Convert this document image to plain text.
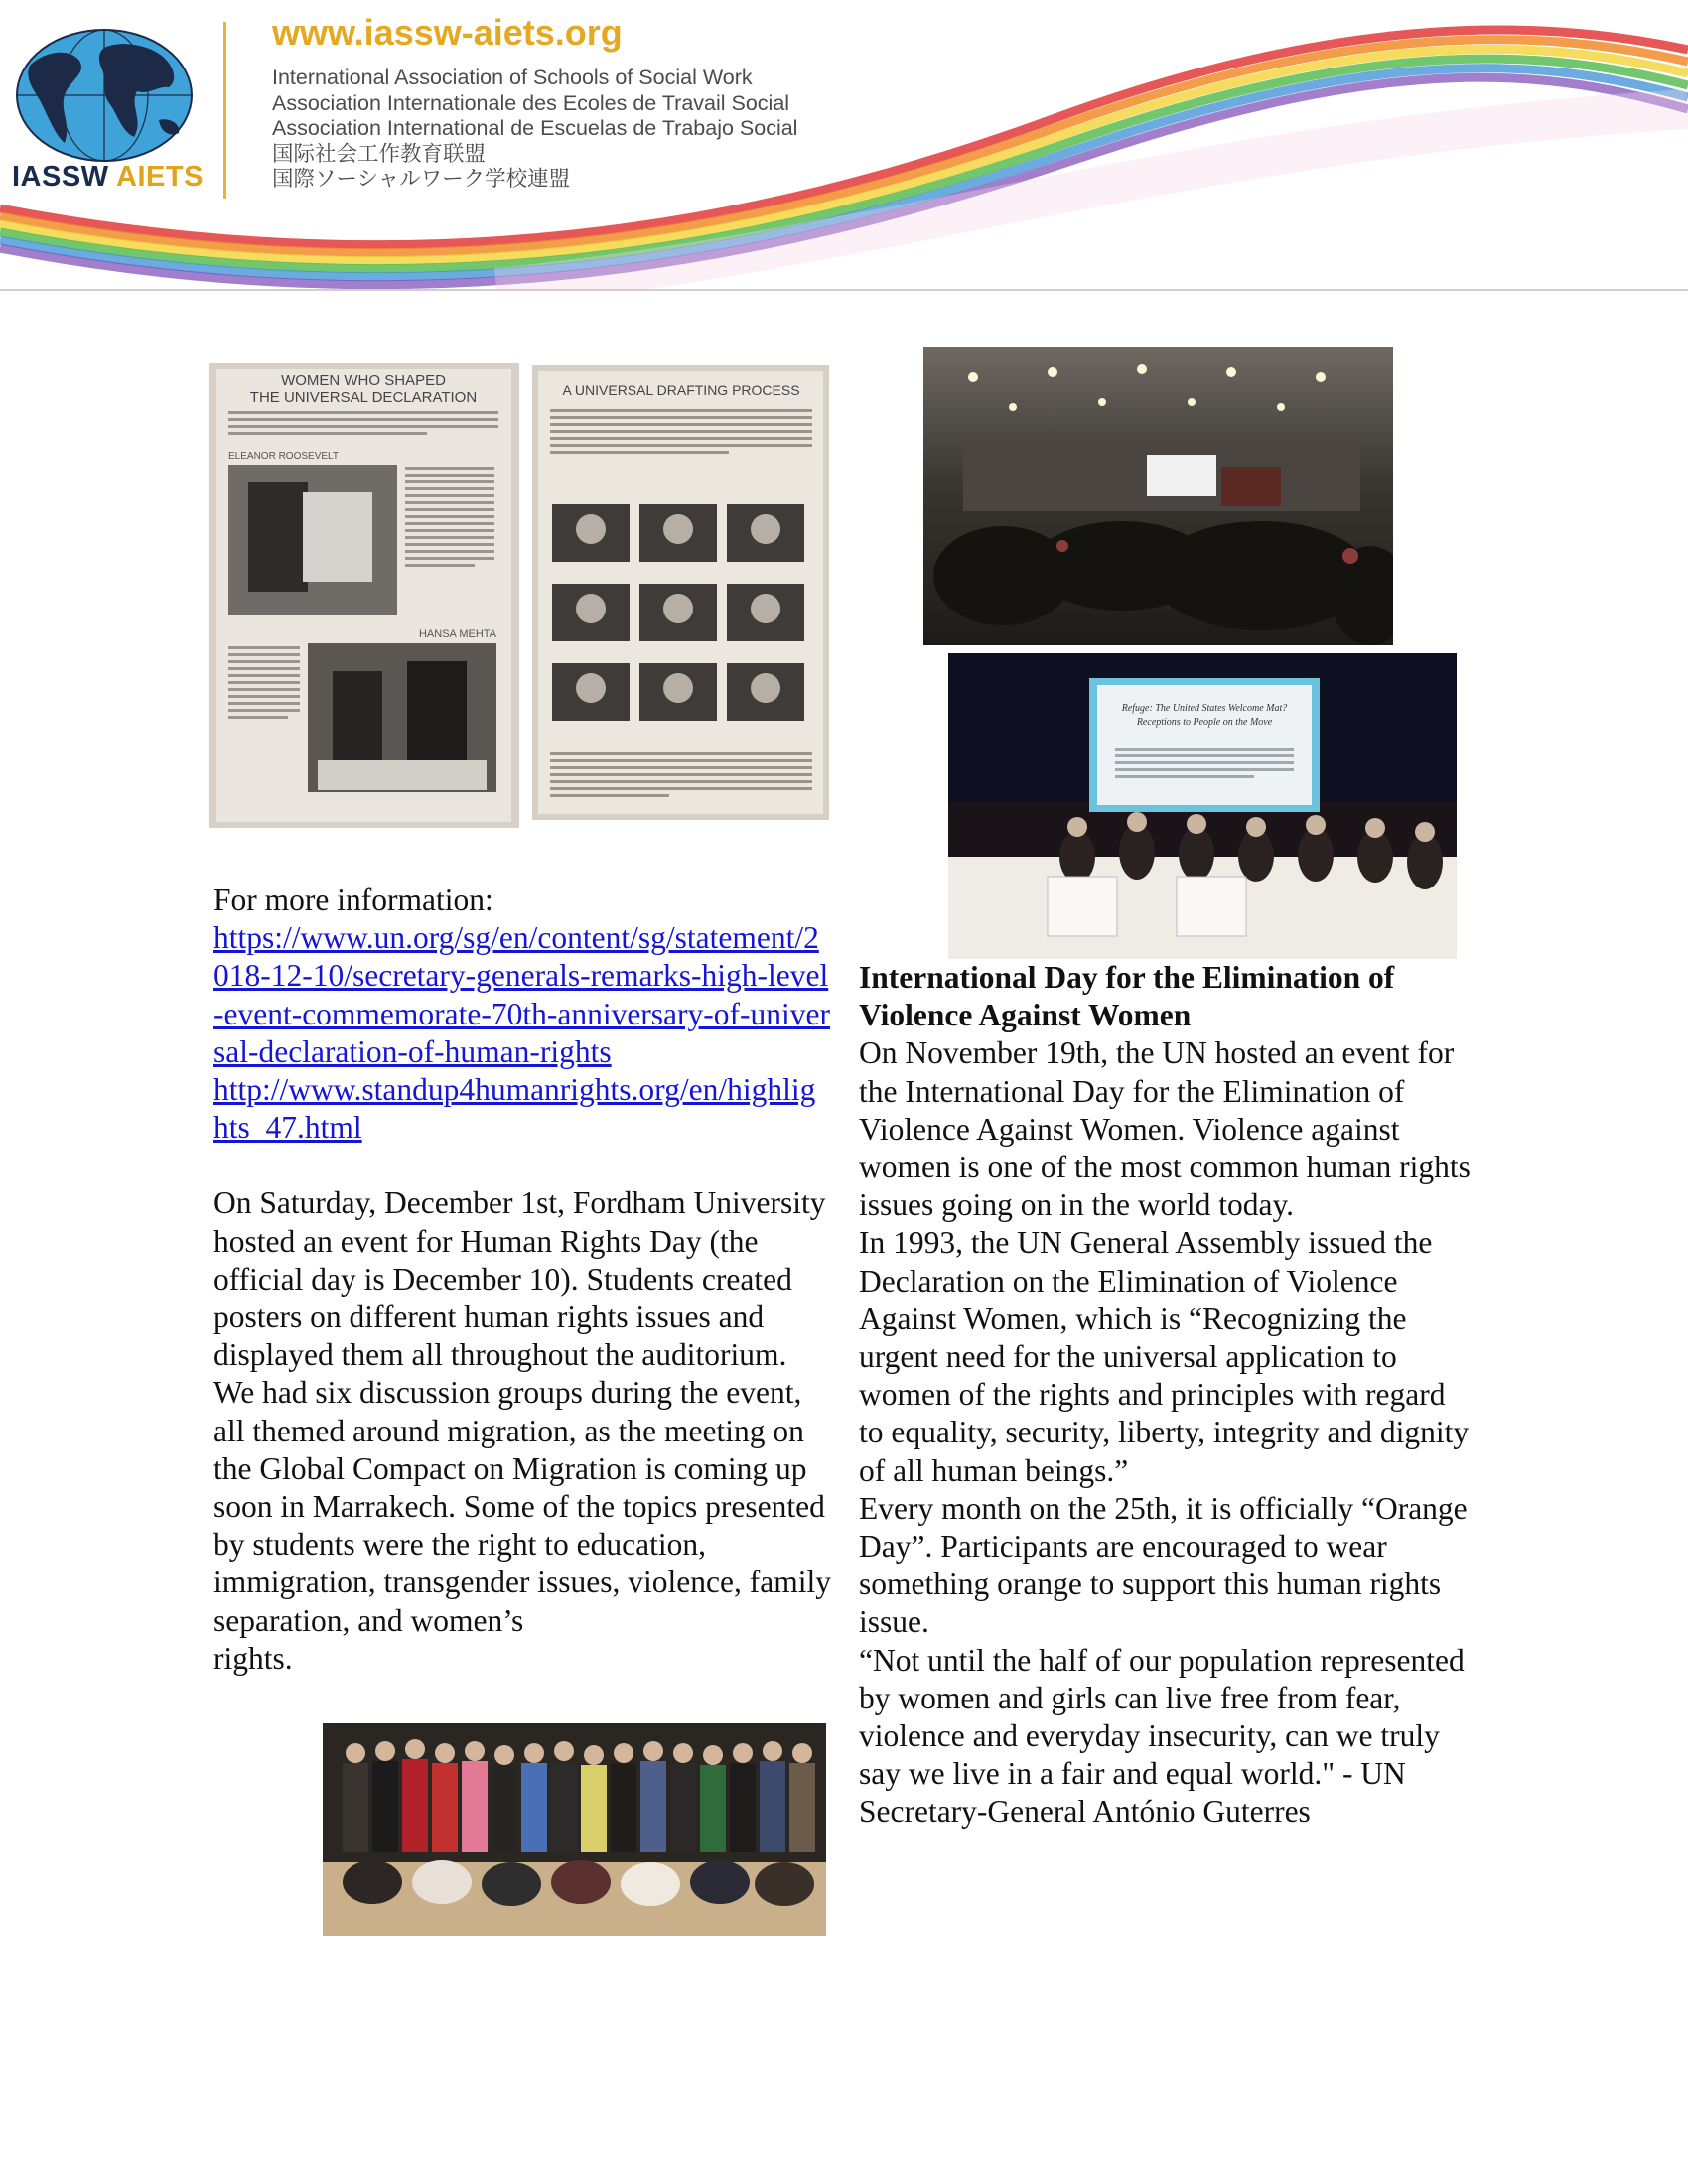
IASSW AIETS
www.iassw-aiets.org
International Association of Schools of Social Work
Association Internationale des Ecoles de Travail Social
Association International de Escuelas de Trabajo Social
国际社会工作教育联盟
国際ソーシャルワーク学校連盟
WOMEN WHO SHAPED
THE UNIVERSAL DECLARATION
ELEANOR ROOSEVELT
HANSA MEHTA
A UNIVERSAL DRAFTING PROCESS
Refuge: The United States Welcome Mat?
Receptions to People on the Move

For more information:

https://www.un.org/sg/en/content/sg/statement/2018-12-10/secretary-generals-remarks-high-level-event-commemorate-70th-anniversary-of-universal-declaration-of-human-rights

http://www.standup4humanrights.org/en/highlights_47.html

On Saturday, December 1st, Fordham University hosted an event for Human Rights Day (the official day is December 10). Students created posters on different human rights issues and displayed them all throughout the auditorium. We had six discussion groups during the event, all themed around migration, as the meeting on the Global Compact on Migration is coming up soon in Marrakech. Some of the topics presented by students were the right to education, immigration, transgender issues, violence, family separation, and women’s

rights.

International Day for the Elimination of Violence Against Women

On November 19th, the UN hosted an event for the International Day for the Elimination of Violence Against Women. Violence against women is one of the most common human rights issues going on in the world today.

In 1993, the UN General Assembly issued the Declaration on the Elimination of Violence Against Women, which is “Recognizing the urgent need for the universal application to women of the rights and principles with regard to equality, security, liberty, integrity and dignity of all human beings.”

Every month on the 25th, it is officially “Orange Day”. Participants are encouraged to wear something orange to support this human rights issue.

“Not until the half of our population represented by women and girls can live free from fear, violence and everyday insecurity, can we truly say we live in a fair and equal world." - UN Secretary-General António Guterres
